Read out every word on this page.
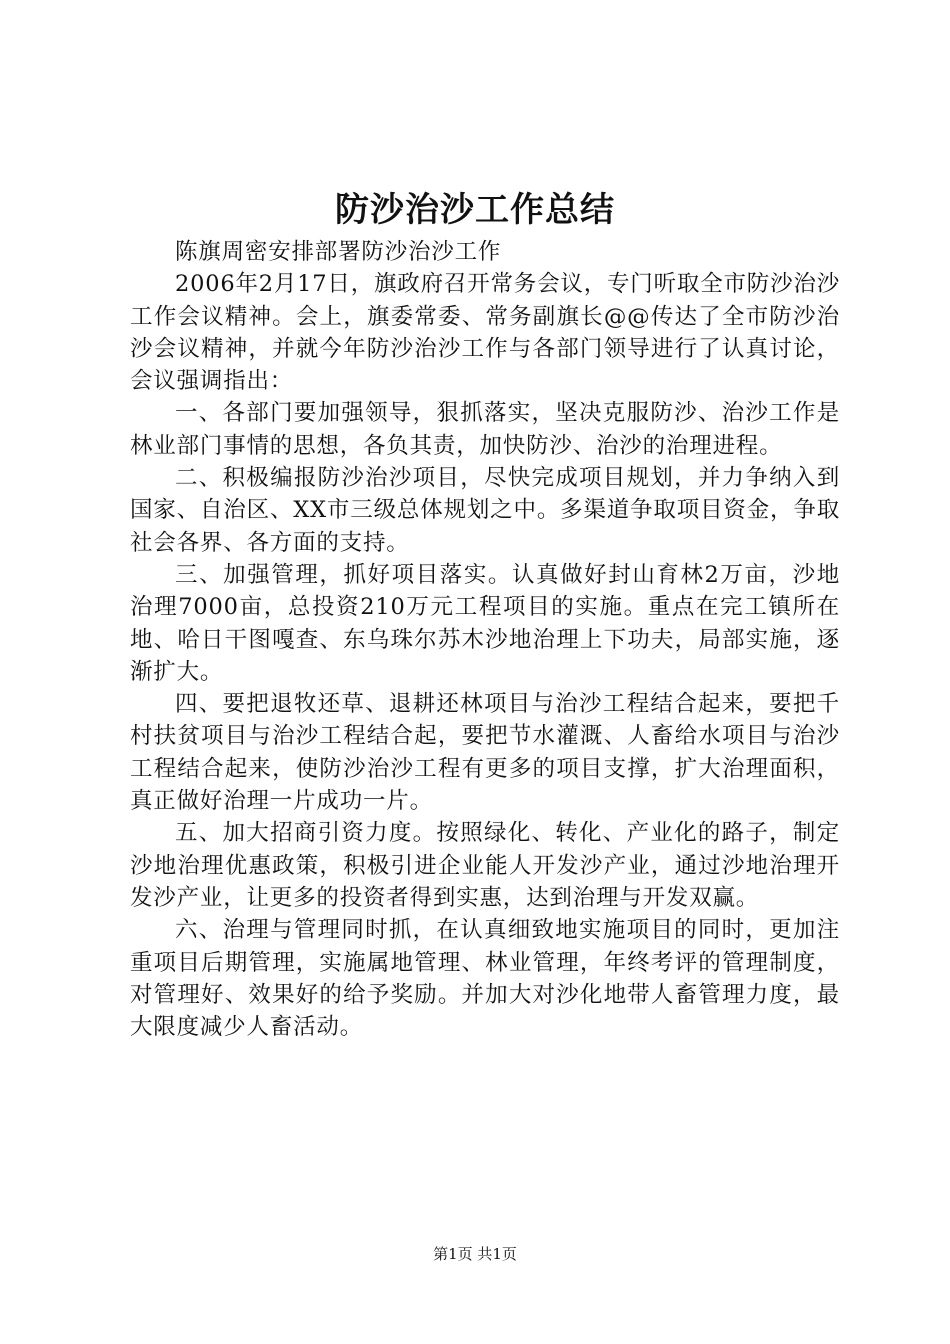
防沙治沙工作总结

陈旗周密安排部署防沙治沙工作

2006年2月17日，旗政府召开常务会议，专门听取全市防沙治沙工作会议精神。会上，旗委常委、常务副旗长@@传达了全市防沙治沙会议精神，并就今年防沙治沙工作与各部门领导进行了认真讨论，会议强调指出：

一、各部门要加强领导，狠抓落实，坚决克服防沙、治沙工作是林业部门事情的思想，各负其责，加快防沙、治沙的治理进程。

二、积极编报防沙治沙项目，尽快完成项目规划，并力争纳入到国家、自治区、XX市三级总体规划之中。多渠道争取项目资金，争取社会各界、各方面的支持。

三、加强管理，抓好项目落实。认真做好封山育林2万亩，沙地治理7000亩，总投资210万元工程项目的实施。重点在完工镇所在地、哈日干图嘎查、东乌珠尔苏木沙地治理上下功夫，局部实施，逐渐扩大。

四、要把退牧还草、退耕还林项目与治沙工程结合起来，要把千村扶贫项目与治沙工程结合起，要把节水灌溉、人畜给水项目与治沙工程结合起来，使防沙治沙工程有更多的项目支撑，扩大治理面积，真正做好治理一片成功一片。

五、加大招商引资力度。按照绿化、转化、产业化的路子，制定沙地治理优惠政策，积极引进企业能人开发沙产业，通过沙地治理开发沙产业，让更多的投资者得到实惠，达到治理与开发双赢。

六、治理与管理同时抓，在认真细致地实施项目的同时，更加注重项目后期管理，实施属地管理、林业管理，年终考评的管理制度，对管理好、效果好的给予奖励。并加大对沙化地带人畜管理力度，最大限度减少人畜活动。

第1页 共1页
